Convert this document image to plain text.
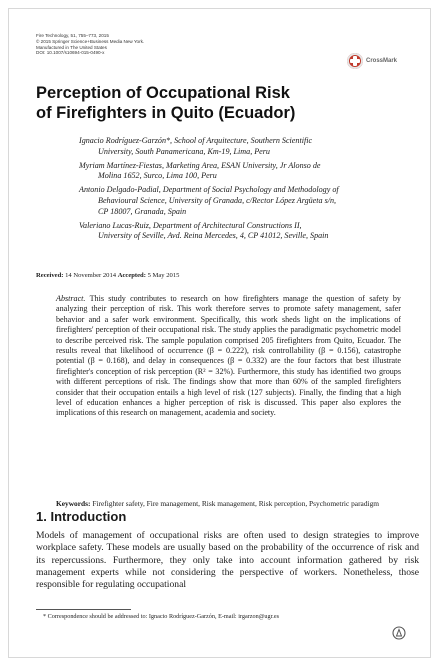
Fire Technology, 51, 755–773, 2015
© 2015 Springer Science+Business Media New York.
Manufactured in The United States
DOI: 10.1007/s10694-015-0490-x
CrossMark
Perception of Occupational Risk
of Firefighters in Quito (Ecuador)
Ignacio Rodríguez-Garzón*, School of Arquitecture, Southern Scientific
University, South Panamericana, Km-19, Lima, Peru
Myriam Martínez-Fiestas, Marketing Area, ESAN University, Jr Alonso de
Molina 1652, Surco, Lima 100, Peru
Antonio Delgado-Padial, Department of Social Psychology and Methodology of
Behavioural Science, University of Granada, c/Rector López Argüeta s/n,
CP 18007, Granada, Spain
Valeriano Lucas-Ruiz, Department of Architectural Constructions II,
University of Seville, Avd. Reina Mercedes, 4, CP 41012, Seville, Spain
Received: 14 November 2014 Accepted: 5 May 2015
Abstract. This study contributes to research on how firefighters manage the question of safety by analyzing their perception of risk. This work therefore serves to promote safety management, safer behavior and a safer work environment. Specifically, this work sheds light on the implications of firefighters' perception of their occupational risk. The study applies the paradigmatic psychometric model to describe perceived risk. The sample population comprised 205 firefighters from Quito, Ecuador. The results reveal that likelihood of occurrence (β = 0.222), risk controllability (β = 0.156), catastrophe potential (β = 0.168), and delay in consequences (β = 0.332) are the four factors that best illustrate firefighter's conception of risk perception (R² = 32%). Furthermore, this study has identified two groups with different perceptions of risk. The findings show that more than 60% of the sampled firefighters consider that their occupation entails a high level of risk (127 subjects). Finally, the finding that a high level of education enhances a higher perception of risk is discussed. This paper also explores the implications of this research on management, academia and society.
Keywords: Firefighter safety, Fire management, Risk management, Risk perception, Psychometric paradigm
1. Introduction
Models of management of occupational risks are often used to design strategies to improve workplace safety. These models are usually based on the probability of the occurrence of risk and its repercussions. Furthermore, they only take into account information gathered by risk management experts while not considering the perspective of workers. Nonetheless, those responsible for regulating occupational
* Correspondence should be addressed to: Ignacio Rodríguez-Garzón, E-mail: irgarzon@ugr.es
